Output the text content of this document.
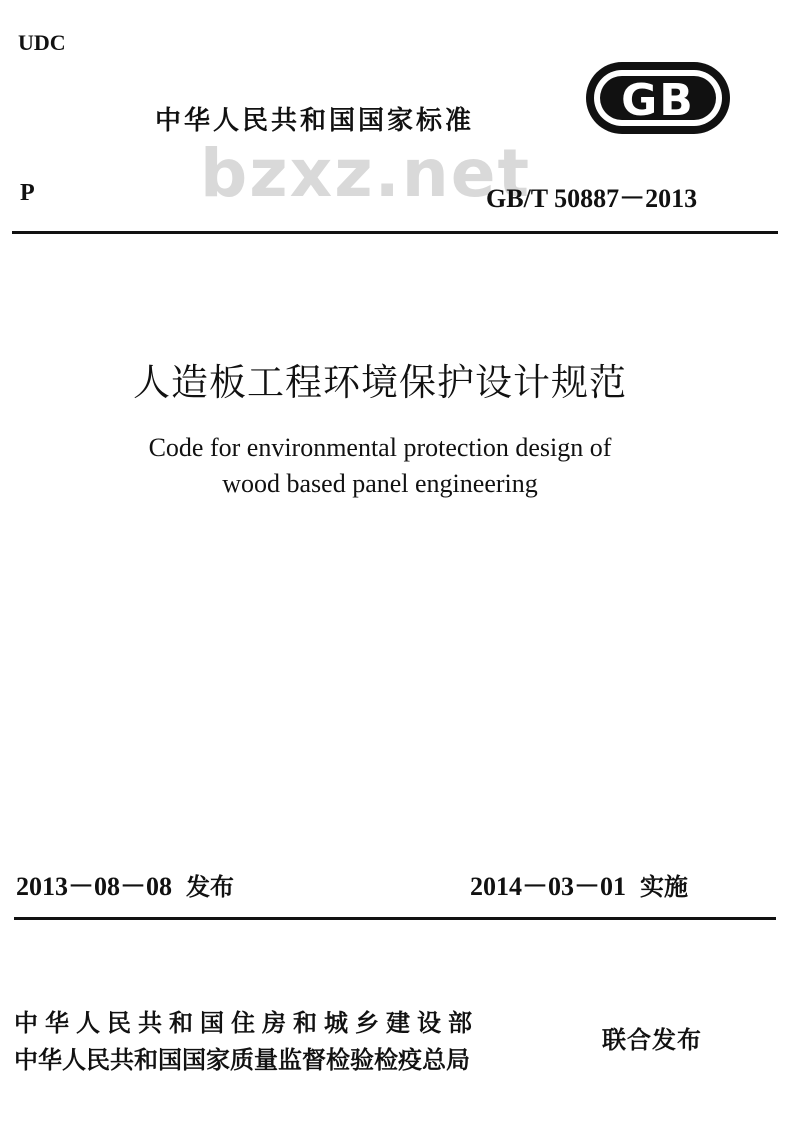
UDC
中华人民共和国国家标准	GB
bzxz.net
P	GB/T 50887－2013
人造板工程环境保护设计规范
Code for environmental protection design of
wood based panel engineering
2013－08－08 发布	2014－03－01 实施
中华人民共和国住房和城乡建设部
中华人民共和国国家质量监督检验检疫总局
联合发布
